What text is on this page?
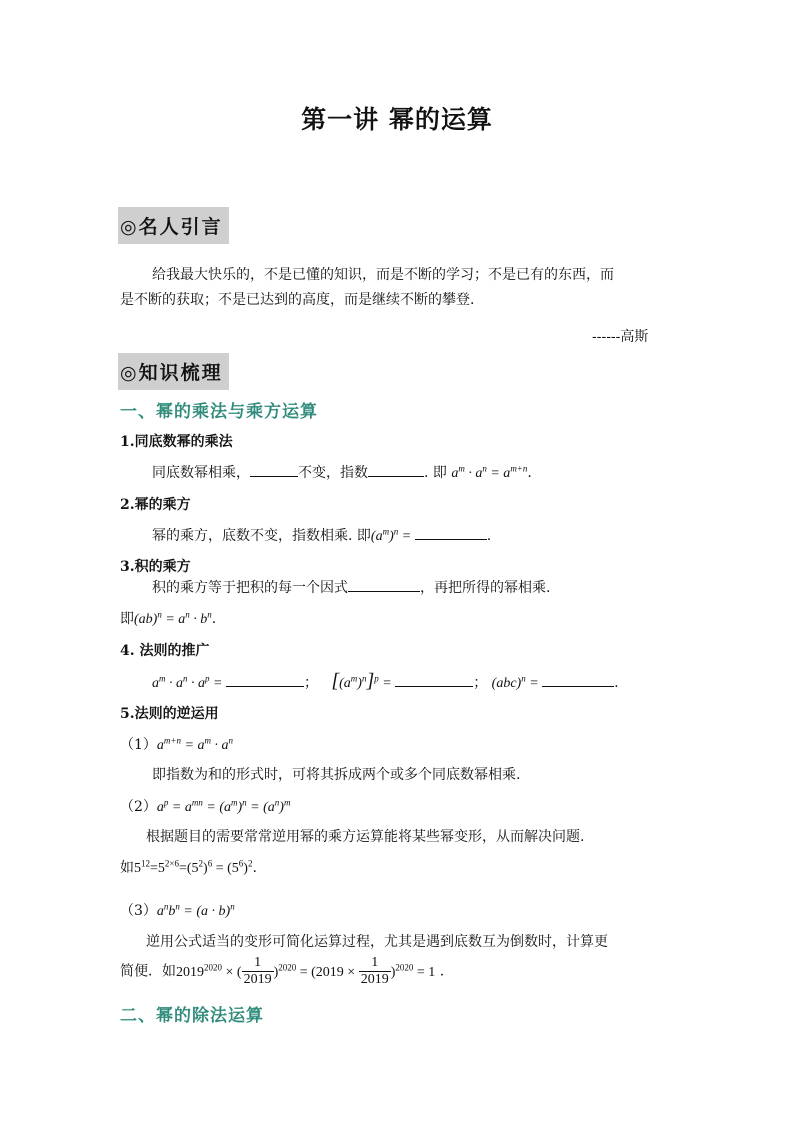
第一讲 幂的运算
◎名人引言
给我最大快乐的，不是已懂的知识，而是不断的学习；不是已有的东西，而
是不断的获取；不是已达到的高度，而是继续不断的攀登.
------高斯
◎知识梳理
一、幂的乘法与乘方运算
1.同底数幂的乘法
同底数幂相乘，	不变，指数	. 即 $a^m \cdot a^n = a^{m+n}$.
2.幂的乘方
幂的乘方，底数不变，指数相乘. 即$(a^m)^n$ =	.
3.积的乘方
积的乘方等于把积的每一个因式	，再把所得的幂相乘.
即$(ab)^n = a^n \cdot b^n$.
4. 法则的推广
$a^m \cdot a^n \cdot a^p$ =	；   $[(a^m)^n]^p$ =	； (abc)$^n$ =	.
5.法则的逆运用
$(1)a^{m+n} = a^m \cdot a^n$
即指数为和的形式时，可将其拆成两个或多个同底数幂相乘.
$(2)a^p = a^{mn} = (a^m)^n = (a^n)^m$
根据题目的需要常常逆用幂的乘方运算能将某些幂变形，从而解决问题.
如$5^{12}=5^{2\times 6}=(5^2)^6 = (5^6)^2$.
$(3)a^nb^n = (a \cdot b)^n$
逆用公式适当的变形可简化运算过程，尤其是遇到底数互为倒数时，计算更
简便．如$2019^{2020}$ × ( $\frac{1}{2019} )^{2020} = (2019 \times \frac{1}{2019} )^{2020} = 1$ .
二、幂的除法运算
